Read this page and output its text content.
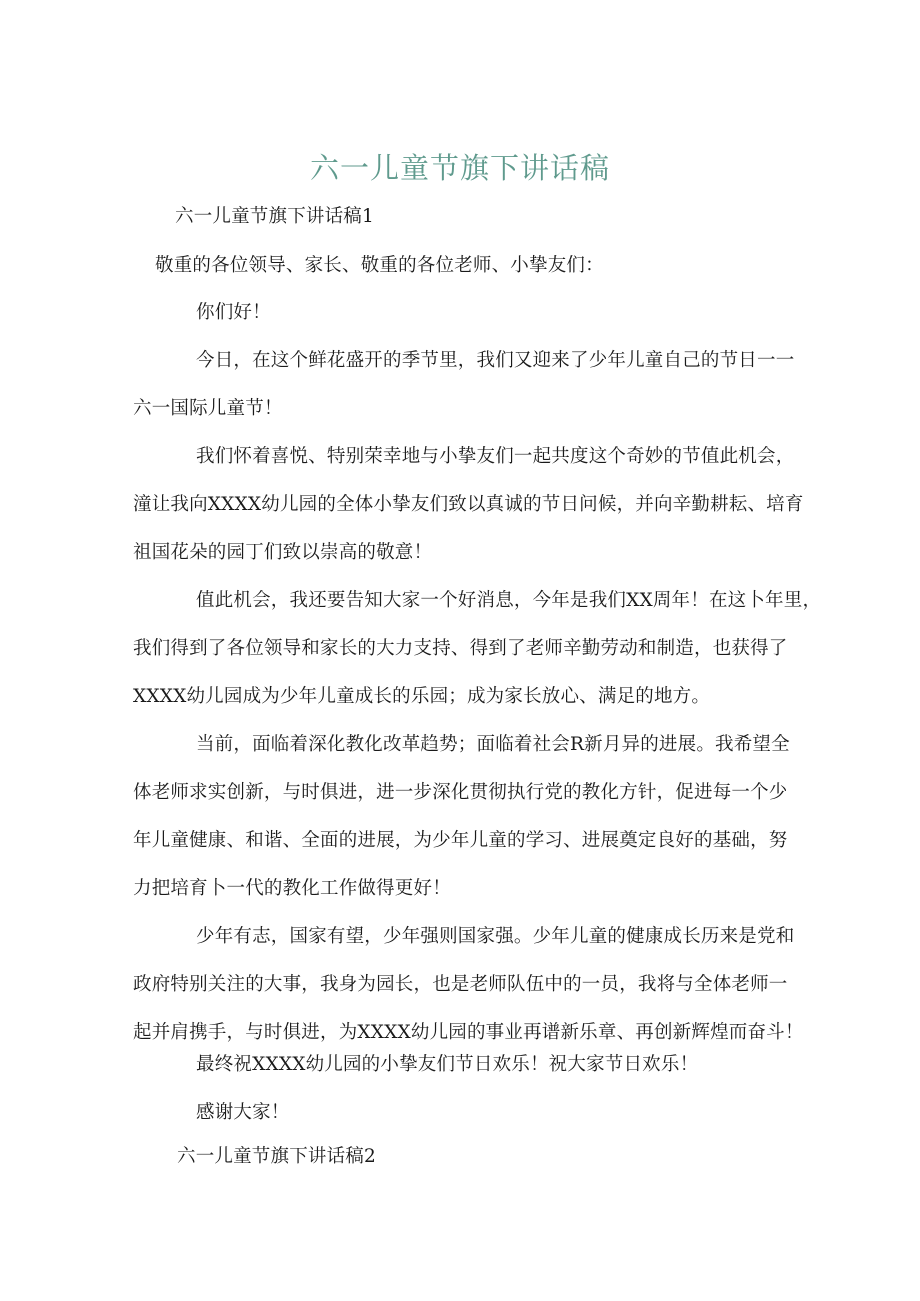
六一儿童节旗下讲话稿

六一儿童节旗下讲话稿1

敬重的各位领导、家长、敬重的各位老师、小挚友们：

你们好！

今日，在这个鲜花盛开的季节里，我们又迎来了少年儿童自己的节日一一

六一国际儿童节！

我们怀着喜悦、特别荣幸地与小挚友们一起共度这个奇妙的节值此机会，

潼让我向XXXX幼儿园的全体小挚友们致以真诚的节日问候，并向辛勤耕耘、培育

祖国花朵的园丁们致以崇高的敬意！

值此机会，我还要告知大家一个好消息，今年是我们XX周年！在这卜年里，

我们得到了各位领导和家长的大力支持、得到了老师辛勤劳动和制造，也获得了

XXXX幼儿园成为少年儿童成长的乐园；成为家长放心、满足的地方。

当前，面临着深化教化改革趋势；面临着社会R新月异的进展。我希望全

体老师求实创新，与时俱进，进一步深化贯彻执行党的教化方针，促进每一个少

年儿童健康、和谐、全面的进展，为少年儿童的学习、进展奠定良好的基础，努

力把培育卜一代的教化工作做得更好！

少年有志，国家有望，少年强则国家强。少年儿童的健康成长历来是党和

政府特别关注的大事，我身为园长，也是老师队伍中的一员，我将与全体老师一

起并肩携手，与时俱进，为XXXX幼儿园的事业再谱新乐章、再创新辉煌而奋斗！

最终祝XXXX幼儿园的小挚友们节日欢乐！祝大家节日欢乐！

感谢大家！

六一儿童节旗下讲话稿2
